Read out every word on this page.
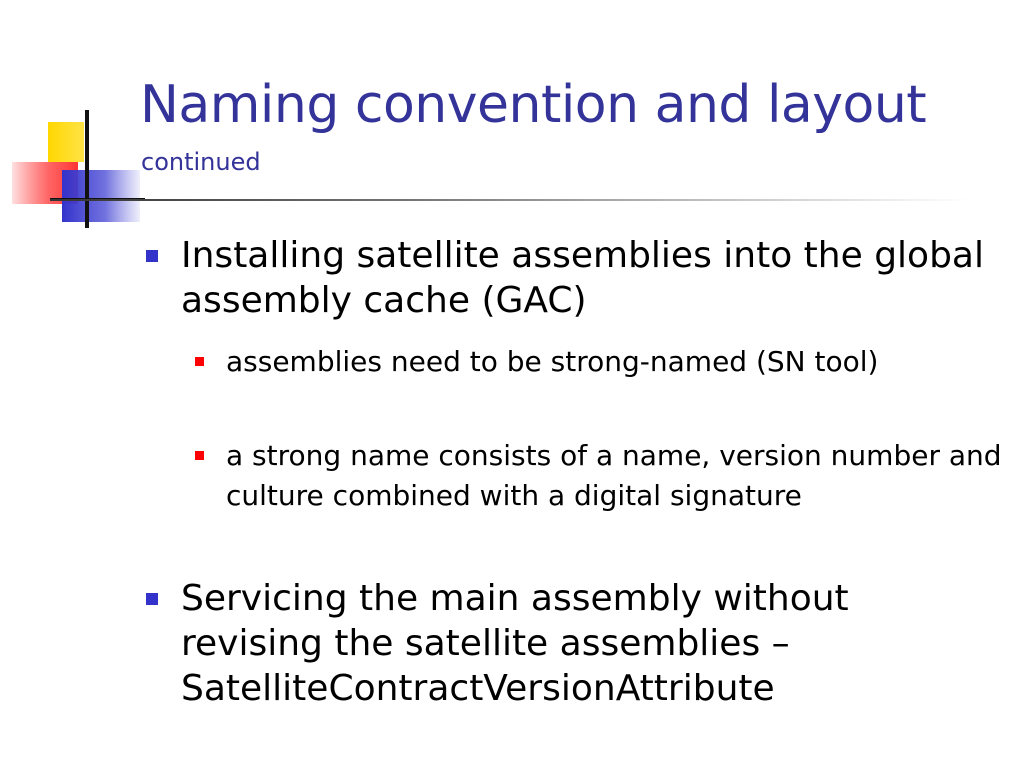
Naming convention and layout
continued
Installing satellite assemblies into the global assembly cache (GAC)
assemblies need to be strong-named (SN tool)
a strong name consists of a name, version number and culture combined with a digital signature
Servicing the main assembly without revising the satellite assemblies – SatelliteContractVersionAttribute
